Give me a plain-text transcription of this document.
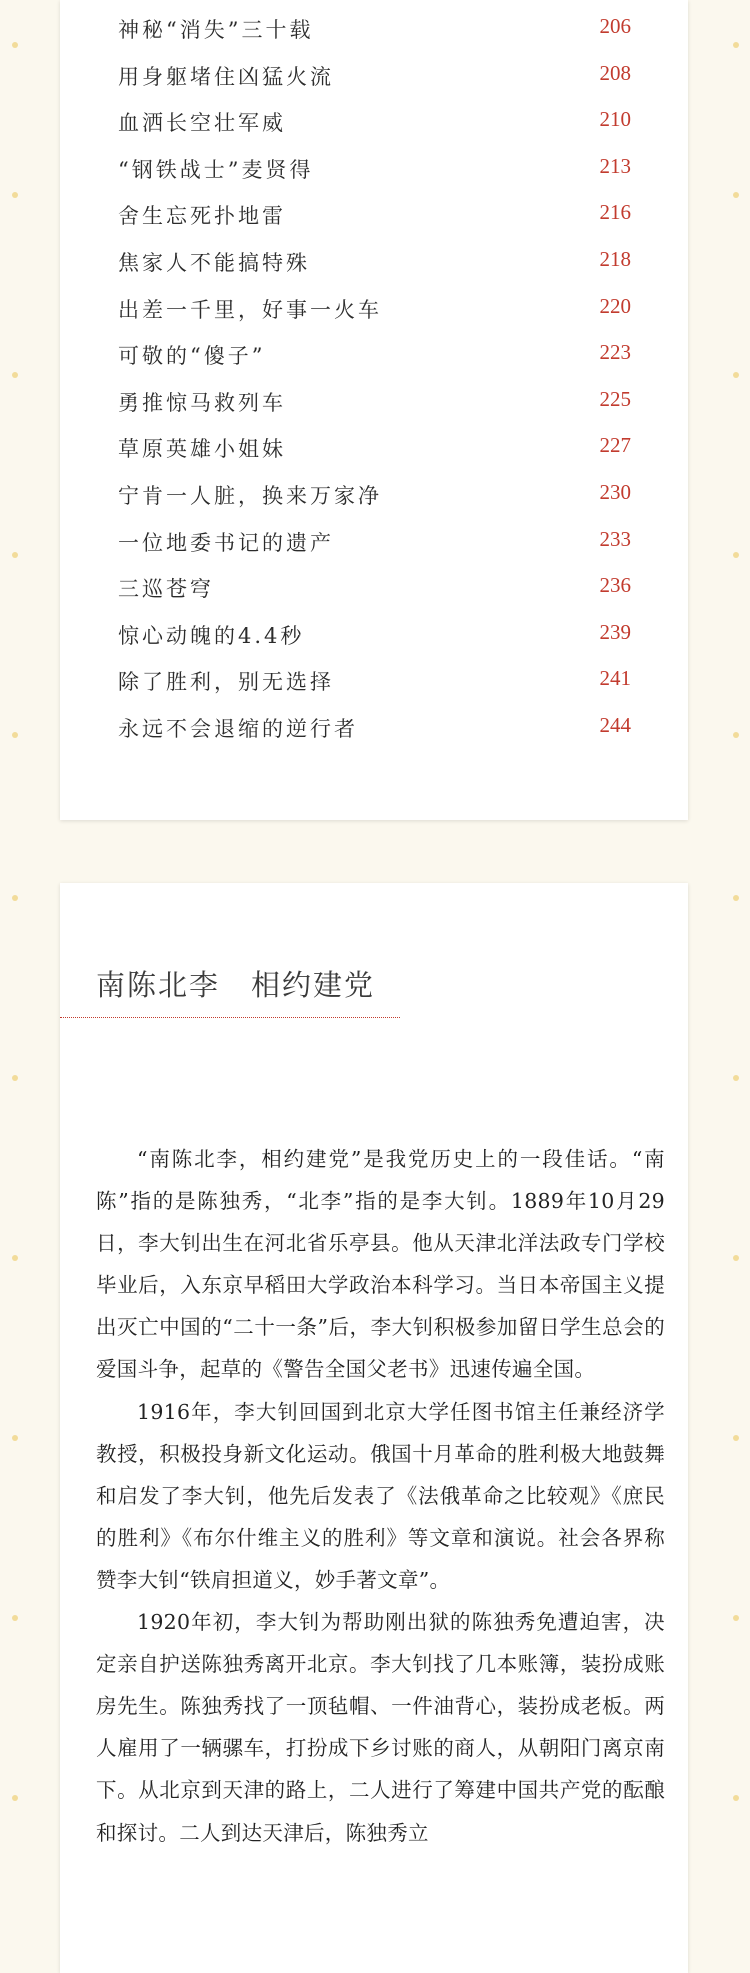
神秘“消失”三十载	206
用身躯堵住凶猛火流	208
血洒长空壮军威	210
“钢铁战士”麦贤得	213
舍生忘死扑地雷	216
焦家人不能搞特殊	218
出差一千里，好事一火车	220
可敬的“傻子”	223
勇推惊马救列车	225
草原英雄小姐妹	227
宁肯一人脏，换来万家净	230
一位地委书记的遗产	233
三巡苍穹	236
惊心动魄的4.4秒	239
除了胜利，别无选择	241
永远不会退缩的逆行者	244
南陈北李　相约建党

“南陈北李，相约建党”是我党历史上的一段佳话。“南陈”指的是陈独秀，“北李”指的是李大钊。1889年10月29日，李大钊出生在河北省乐亭县。他从天津北洋法政专门学校毕业后，入东京早稻田大学政治本科学习。当日本帝国主义提出灭亡中国的“二十一条”后，李大钊积极参加留日学生总会的爱国斗争，起草的《警告全国父老书》迅速传遍全国。

1916年，李大钊回国到北京大学任图书馆主任兼经济学教授，积极投身新文化运动。俄国十月革命的胜利极大地鼓舞和启发了李大钊，他先后发表了《法俄革命之比较观》《庶民的胜利》《布尔什维主义的胜利》等文章和演说。社会各界称赞李大钊“铁肩担道义，妙手著文章”。

1920年初，李大钊为帮助刚出狱的陈独秀免遭迫害，决定亲自护送陈独秀离开北京。李大钊找了几本账簿，装扮成账房先生。陈独秀找了一顶毡帽、一件油背心，装扮成老板。两人雇用了一辆骡车，打扮成下乡讨账的商人，从朝阳门离京南下。从北京到天津的路上，二人进行了筹建中国共产党的酝酿和探讨。二人到达天津后，陈独秀立
